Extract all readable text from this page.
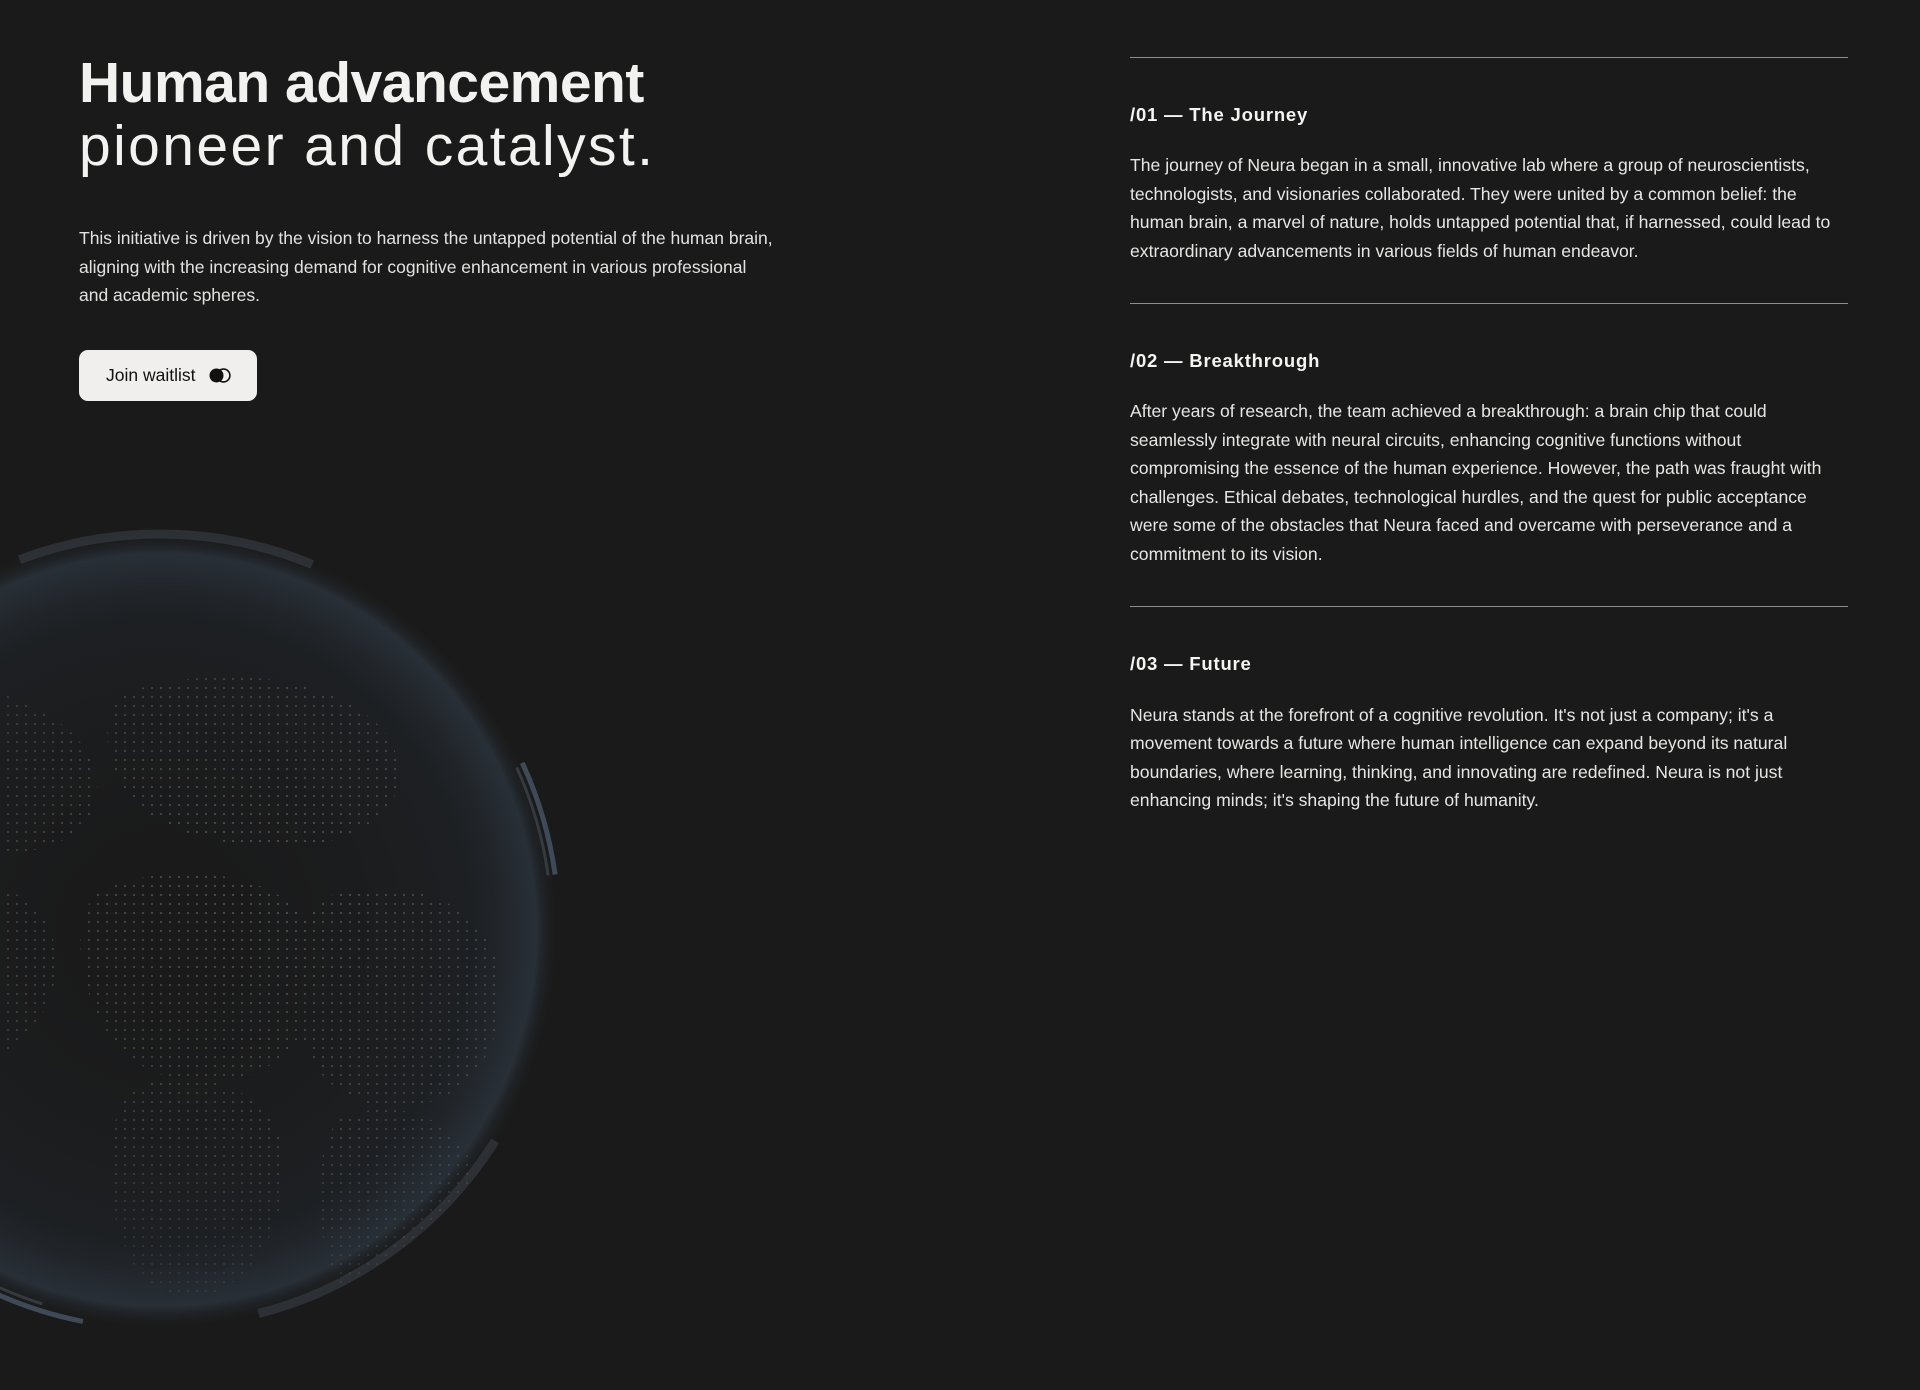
Human advancement
pioneer and catalyst.

This initiative is driven by the vision to harness the untapped potential of the human brain, aligning with the increasing demand for cognitive enhancement in various professional and academic spheres.

Join waitlist
/01 — The Journey

The journey of Neura began in a small, innovative lab where a group of neuroscientists, technologists, and visionaries collaborated. They were united by a common belief: the human brain, a marvel of nature, holds untapped potential that, if harnessed, could lead to extraordinary advancements in various fields of human endeavor.

/02 — Breakthrough

After years of research, the team achieved a breakthrough: a brain chip that could seamlessly integrate with neural circuits, enhancing cognitive functions without compromising the essence of the human experience. However, the path was fraught with challenges. Ethical debates, technological hurdles, and the quest for public acceptance were some of the obstacles that Neura faced and overcame with perseverance and a commitment to its vision.

/03 — Future

Neura stands at the forefront of a cognitive revolution. It's not just a company; it's a movement towards a future where human intelligence can expand beyond its natural boundaries, where learning, thinking, and innovating are redefined. Neura is not just enhancing minds; it's shaping the future of humanity.
